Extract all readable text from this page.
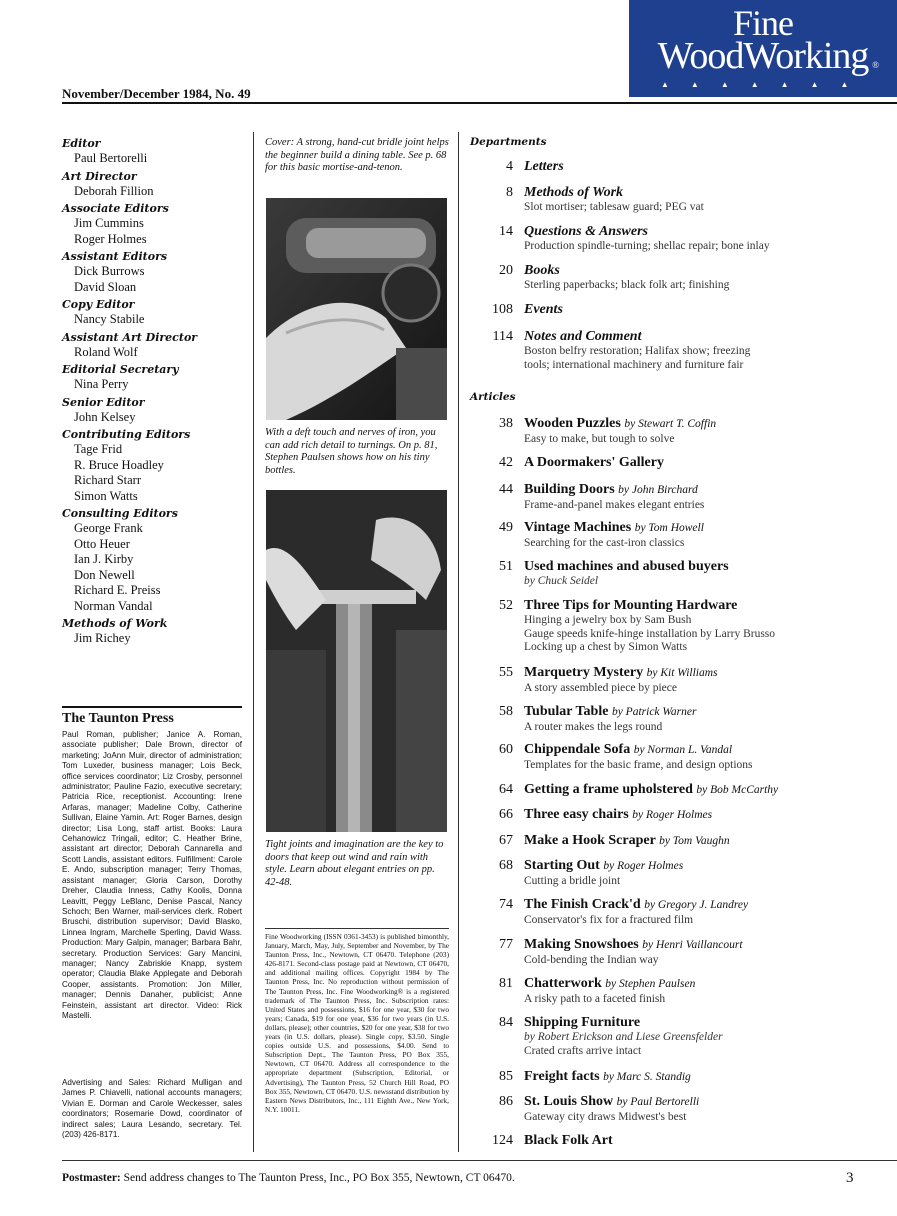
Fine
WoodWorking ®
▲▲▲▲▲▲▲
November/December 1984, No. 49
Editor
Paul Bertorelli
Art Director
Deborah Fillion
Associate Editors
Jim Cummins
Roger Holmes
Assistant Editors
Dick Burrows
David Sloan
Copy Editor
Nancy Stabile
Assistant Art Director
Roland Wolf
Editorial Secretary
Nina Perry
Senior Editor
John Kelsey
Contributing Editors
Tage Frid
R. Bruce Hoadley
Richard Starr
Simon Watts
Consulting Editors
George Frank
Otto Heuer
Ian J. Kirby
Don Newell
Richard E. Preiss
Norman Vandal
Methods of Work
Jim Richey
The Taunton Press
Paul Roman, publisher; Janice A. Roman, associate publisher; Dale Brown, director of marketing; JoAnn Muir, director of administration; Tom Luxeder, business manager; Lois Beck, office services coordinator; Liz Crosby, personnel administrator; Pauline Fazio, executive secretary; Patricia Rice, receptionist. Accounting: Irene Arfaras, manager; Madeline Colby, Catherine Sullivan, Elaine Yamin. Art: Roger Barnes, design director; Lisa Long, staff artist. Books: Laura Cehanowicz Tringali, editor; C. Heather Brine, assistant art director; Deborah Cannarella and Scott Landis, assistant editors. Fulfillment: Carole E. Ando, subscription manager; Terry Thomas, assistant manager; Gloria Carson, Dorothy Dreher, Claudia Inness, Cathy Koolis, Donna Leavitt, Peggy LeBlanc, Denise Pascal, Nancy Schoch; Ben Warner, mail-services clerk. Robert Bruschi, distribution supervisor; David Blasko, Linnea Ingram, Marchelle Sperling, David Wass. Production: Mary Galpin, manager; Barbara Bahr, secretary. Production Services: Gary Mancini, manager; Nancy Zabriskie Knapp, system operator; Claudia Blake Applegate and Deborah Cooper, assistants. Promotion: Jon Miller, manager; Dennis Danaher, publicist; Anne Feinstein, assistant art director. Video: Rick Mastelli.
Advertising and Sales: Richard Mulligan and James P. Chiavelli, national accounts managers; Vivian E. Dorman and Carole Weckesser, sales coordinators; Rosemarie Dowd, coordinator of indirect sales; Laura Lesando, secretary. Tel. (203) 426-8171.
Cover: A strong, hand-cut bridle joint helps the beginner build a dining table. See p. 68 for this basic mortise-and-tenon.
With a deft touch and nerves of iron, you can add rich detail to turnings. On p. 81, Stephen Paulsen shows how on his tiny bottles.
Tight joints and imagination are the key to doors that keep out wind and rain with style. Learn about elegant entries on pp. 42-48.
Fine Woodworking (ISSN 0361-3453) is published bimonthly, January, March, May, July, September and November, by The Taunton Press, Inc., Newtown, CT 06470. Telephone (203) 426-8171. Second-class postage paid at Newtown, CT 06470, and additional mailing offices. Copyright 1984 by The Taunton Press, Inc. No reproduction without permission of The Taunton Press, Inc. Fine Woodworking® is a registered trademark of The Taunton Press, Inc. Subscription rates: United States and possessions, $16 for one year, $30 for two years; Canada, $19 for one year, $36 for two years (in U.S. dollars, please); other countries, $20 for one year, $38 for two years (in U.S. dollars, please). Single copy, $3.50. Single copies outside U.S. and possessions, $4.00. Send to Subscription Dept., The Taunton Press, PO Box 355, Newtown, CT 06470. Address all correspondence to the appropriate department (Subscription, Editorial, or Advertising), The Taunton Press, 52 Church Hill Road, PO Box 355, Newtown, CT 06470. U.S. newsstand distribution by Eastern News Distributors, Inc., 111 Eighth Ave., New York, N.Y. 10011.
Departments
Articles
4 Letters
8 Methods of Work
Slot mortiser; tablesaw guard; PEG vat
14 Questions & Answers
Production spindle-turning; shellac repair; bone inlay
20 Books
Sterling paperbacks; black folk art; finishing
108 Events
114 Notes and Comment
Boston belfry restoration; Halifax show; freezing
tools; international machinery and furniture fair
38 Wooden Puzzles by Stewart T. Coffin
Easy to make, but tough to solve
42 A Doormakers' Gallery
44 Building Doors by John Birchard
Frame-and-panel makes elegant entries
49 Vintage Machines by Tom Howell
Searching for the cast-iron classics
51 Used machines and abused buyers
by Chuck Seidel
52 Three Tips for Mounting Hardware
Hinging a jewelry box by Sam Bush
Gauge speeds knife-hinge installation by Larry Brusso
Locking up a chest by Simon Watts
55 Marquetry Mystery by Kit Williams
A story assembled piece by piece
58 Tubular Table by Patrick Warner
A router makes the legs round
60 Chippendale Sofa by Norman L. Vandal
Templates for the basic frame, and design options
64 Getting a frame upholstered by Bob McCarthy
66 Three easy chairs by Roger Holmes
67 Make a Hook Scraper by Tom Vaughn
68 Starting Out by Roger Holmes
Cutting a bridle joint
74 The Finish Crack'd by Gregory J. Landrey
Conservator's fix for a fractured film
77 Making Snowshoes by Henri Vaillancourt
Cold-bending the Indian way
81 Chatterwork by Stephen Paulsen
A risky path to a faceted finish
84 Shipping Furniture
by Robert Erickson and Liese Greensfelder
Crated crafts arrive intact
85 Freight facts by Marc S. Standig
86 St. Louis Show by Paul Bertorelli
Gateway city draws Midwest's best
124 Black Folk Art
Postmaster: Send address changes to The Taunton Press, Inc., PO Box 355, Newtown, CT 06470.	3
